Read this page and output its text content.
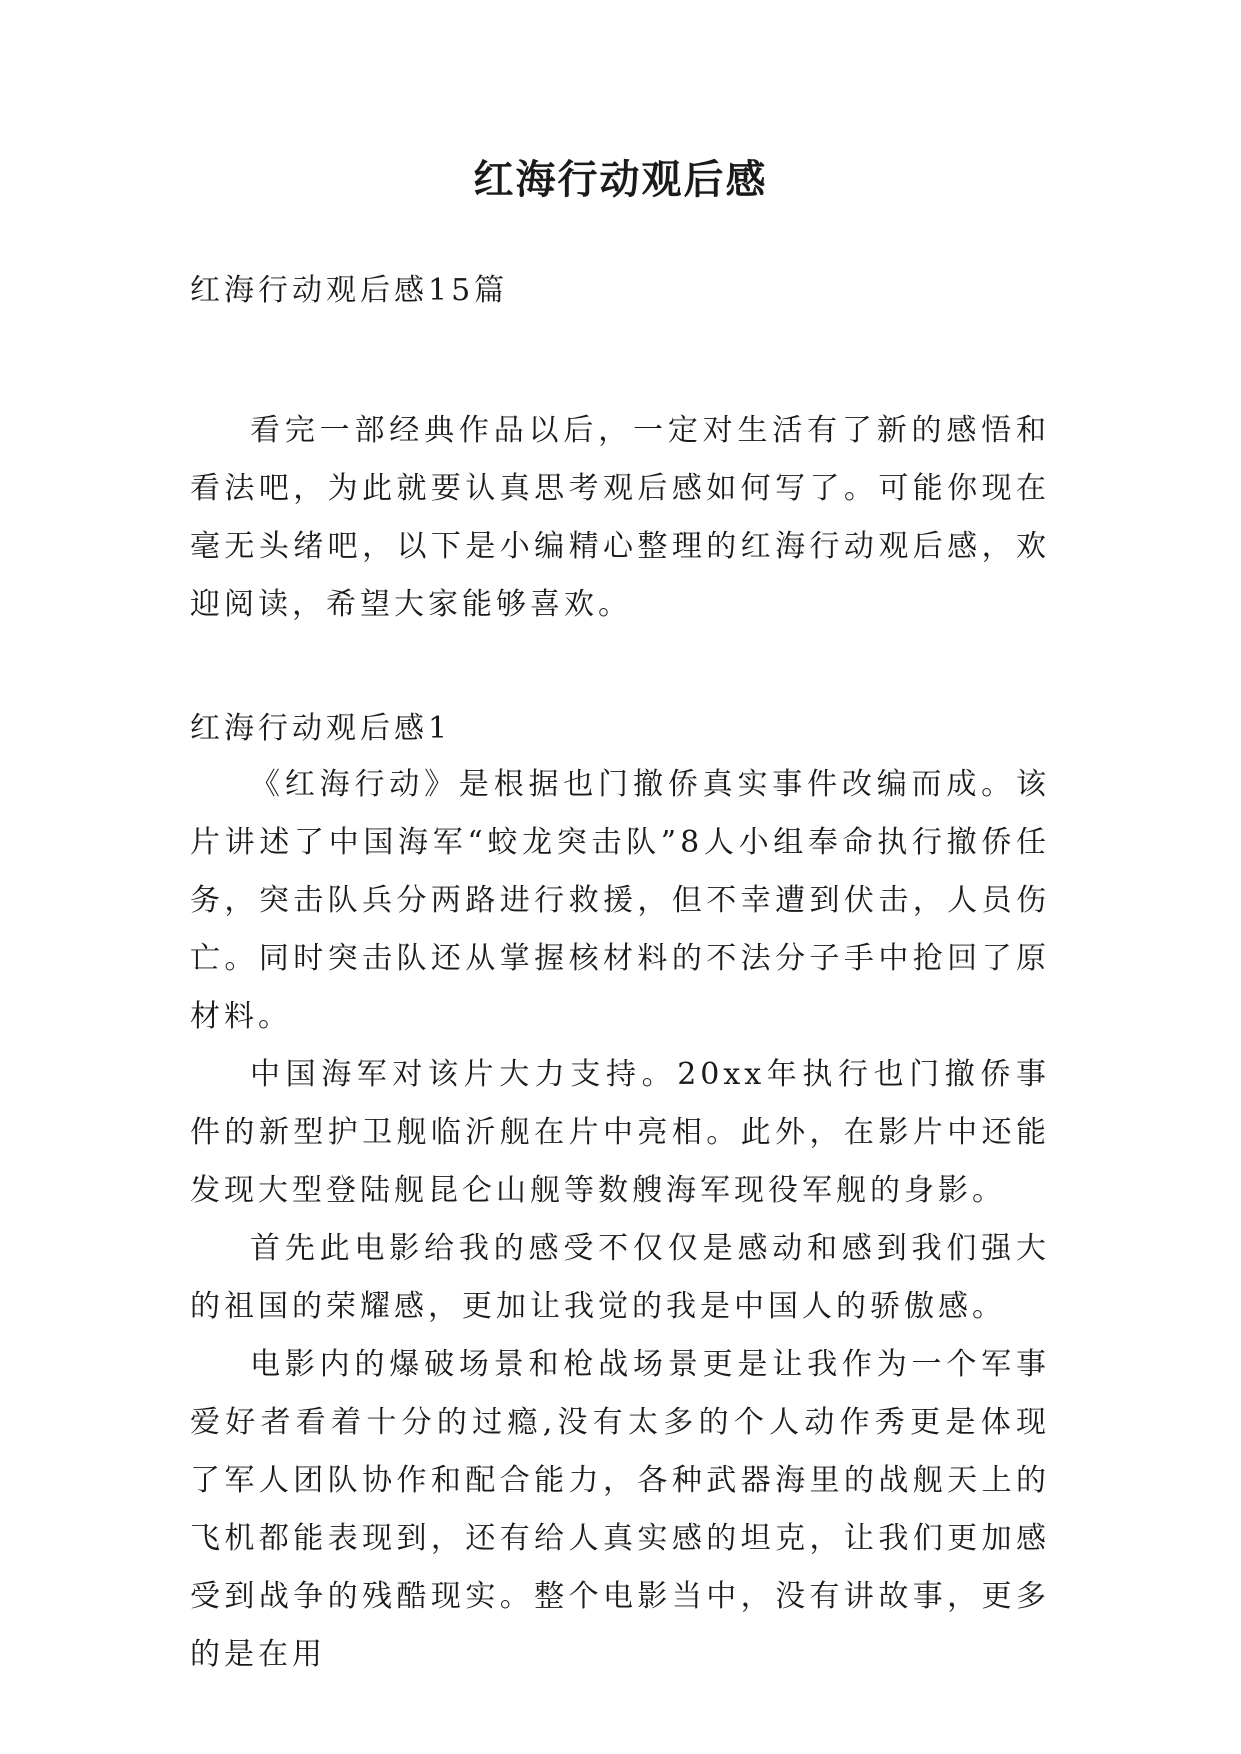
红海行动观后感

红海行动观后感15篇

看完一部经典作品以后，一定对生活有了新的感悟和看法吧，为此就要认真思考观后感如何写了。可能你现在毫无头绪吧，以下是小编精心整理的红海行动观后感，欢迎阅读，希望大家能够喜欢。

红海行动观后感1

《红海行动》是根据也门撤侨真实事件改编而成。该片讲述了中国海军“蛟龙突击队”8人小组奉命执行撤侨任务，突击队兵分两路进行救援，但不幸遭到伏击，人员伤亡。同时突击队还从掌握核材料的不法分子手中抢回了原材料。

中国海军对该片大力支持。20xx年执行也门撤侨事件的新型护卫舰临沂舰在片中亮相。此外，在影片中还能发现大型登陆舰昆仑山舰等数艘海军现役军舰的身影。

首先此电影给我的感受不仅仅是感动和感到我们强大的祖国的荣耀感，更加让我觉的我是中国人的骄傲感。

电影内的爆破场景和枪战场景更是让我作为一个军事爱好者看着十分的过瘾,没有太多的个人动作秀更是体现了军人团队协作和配合能力，各种武器海里的战舰天上的飞机都能表现到，还有给人真实感的坦克，让我们更加感受到战争的残酷现实。整个电影当中，没有讲故事，更多的是在用
